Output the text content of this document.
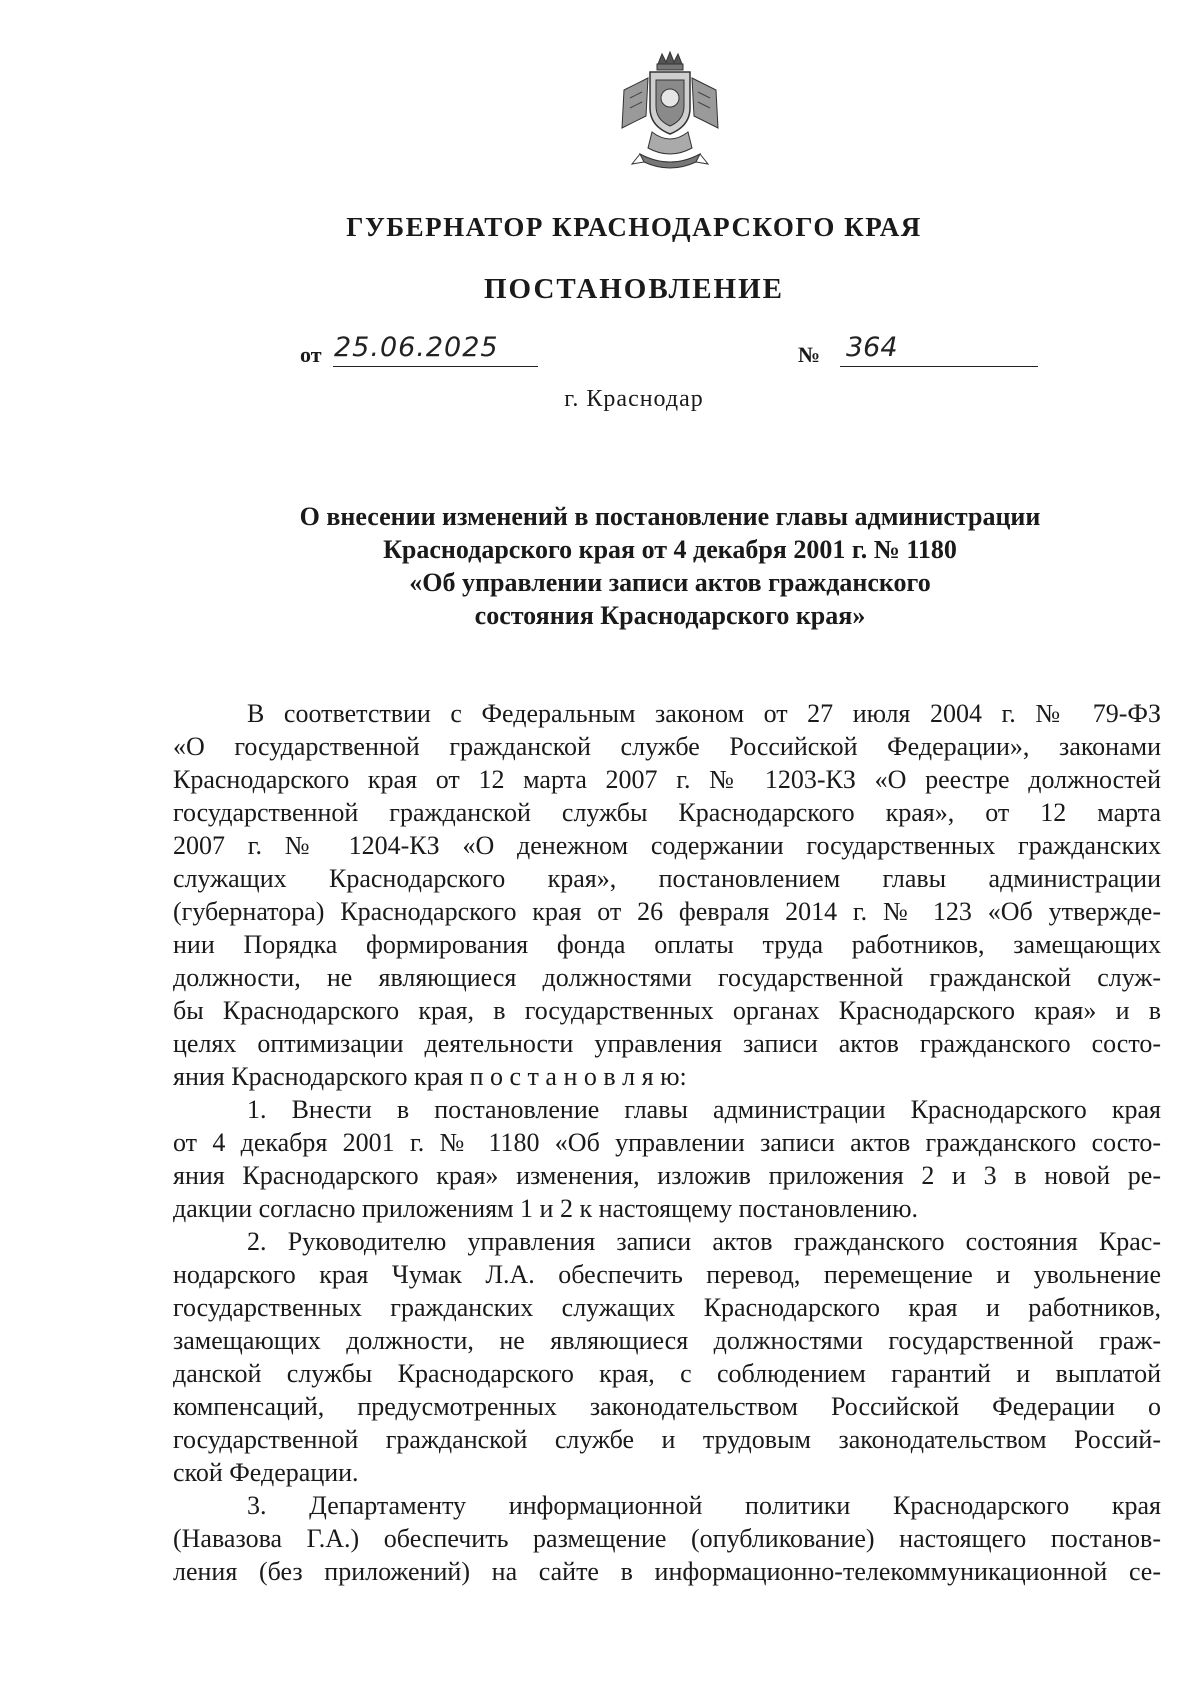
ГУБЕРНАТОР КРАСНОДАРСКОГО КРАЯ
ПОСТАНОВЛЕНИЕ
от 25.06.2025	№ 364
г. Краснодар
О внесении изменений в постановление главы администрации
Краснодарского края от 4 декабря 2001 г. № 1180
«Об управлении записи актов гражданского
состояния Краснодарского края»
В соответствии с Федеральным законом от 27 июля 2004 г. № 79-ФЗ
«О государственной гражданской службе Российской Федерации», законами
Краснодарского края от 12 марта 2007 г. № 1203-КЗ «О реестре должностей
государственной гражданской службы Краснодарского края», от 12 марта
2007 г. № 1204-КЗ «О денежном содержании государственных гражданских
служащих Краснодарского края», постановлением главы администрации
(губернатора) Краснодарского края от 26 февраля 2014 г. № 123 «Об утвержде-
нии Порядка формирования фонда оплаты труда работников, замещающих
должности, не являющиеся должностями государственной гражданской служ-
бы Краснодарского края, в государственных органах Краснодарского края» и в
целях оптимизации деятельности управления записи актов гражданского состо-
яния Краснодарского края п о с т а н о в л я ю:
1. Внести в постановление главы администрации Краснодарского края
от 4 декабря 2001 г. № 1180 «Об управлении записи актов гражданского состо-
яния Краснодарского края» изменения, изложив приложения 2 и 3 в новой ре-
дакции согласно приложениям 1 и 2 к настоящему постановлению.
2. Руководителю управления записи актов гражданского состояния Крас-
нодарского края Чумак Л.А. обеспечить перевод, перемещение и увольнение
государственных гражданских служащих Краснодарского края и работников,
замещающих должности, не являющиеся должностями государственной граж-
данской службы Краснодарского края, с соблюдением гарантий и выплатой
компенсаций, предусмотренных законодательством Российской Федерации о
государственной гражданской службе и трудовым законодательством Россий-
ской Федерации.
3. Департаменту информационной политики Краснодарского края
(Навазова Г.А.) обеспечить размещение (опубликование) настоящего постанов-
ления (без приложений) на сайте в информационно-телекоммуникационной се-
